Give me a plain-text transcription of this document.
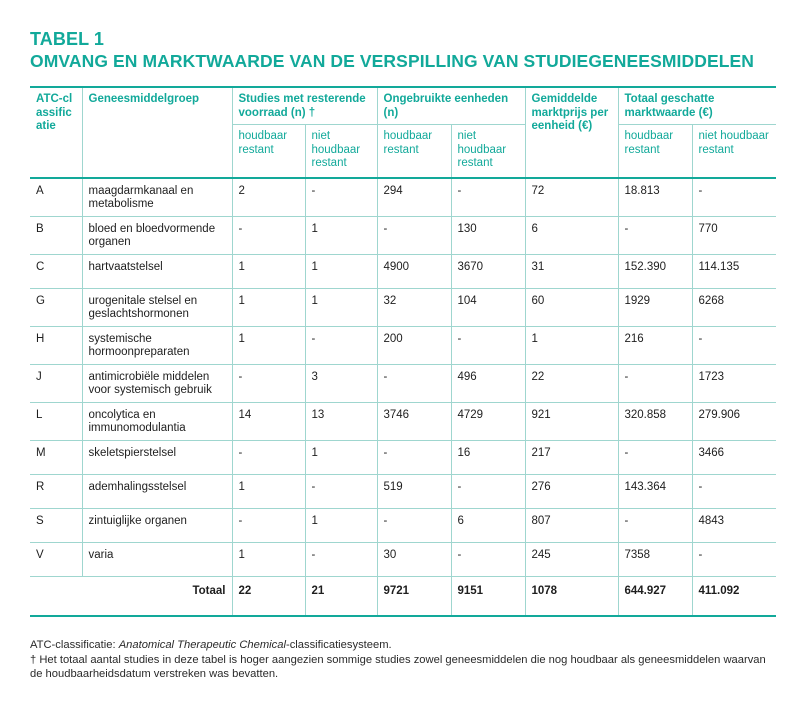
TABEL 1
OMVANG EN MARKTWAARDE VAN DE VERSPILLING VAN STUDIEGENEESMIDDELEN
ATC-classificatie	Geneesmiddelgroep	Studies met resterende voorraad (n) †		Ongebruikte eenheden (n)		Gemiddelde marktprijs per eenheid (€)	Totaal geschatte marktwaarde (€)	
		houdbaar restant	niet houdbaar restant	houdbaar restant	niet houdbaar restant		houdbaar restant	niet houdbaar restant
A	maagdarmkanaal en metabolisme	2	-	294	-	72	18.813	-
B	bloed en bloedvormende organen	-	1	-	130	6	-	770
C	hartvaatstelsel	1	1	4900	3670	31	152.390	114.135
G	urogenitale stelsel en geslachtshormonen	1	1	32	104	60	1929	6268
H	systemische hormoonpreparaten	1	-	200	-	1	216	-
J	antimicrobiële middelen voor systemisch gebruik	-	3	-	496	22	-	1723
L	oncolytica en immunomodulantia	14	13	3746	4729	921	320.858	279.906
M	skeletspierstelsel	-	1	-	16	217	-	3466
R	ademhalingsstelsel	1	-	519	-	276	143.364	-
S	zintuiglijke organen	-	1	-	6	807	-	4843
V	varia	1	-	30	-	245	7358	-
Totaal		22	21	9721	9151	1078	644.927	411.092

ATC-classificatie: Anatomical Therapeutic Chemical-classificatiesysteem.

† Het totaal aantal studies in deze tabel is hoger aangezien sommige studies zowel geneesmiddelen die nog houdbaar als geneesmiddelen waarvan de houdbaarheidsdatum verstreken was bevatten.
